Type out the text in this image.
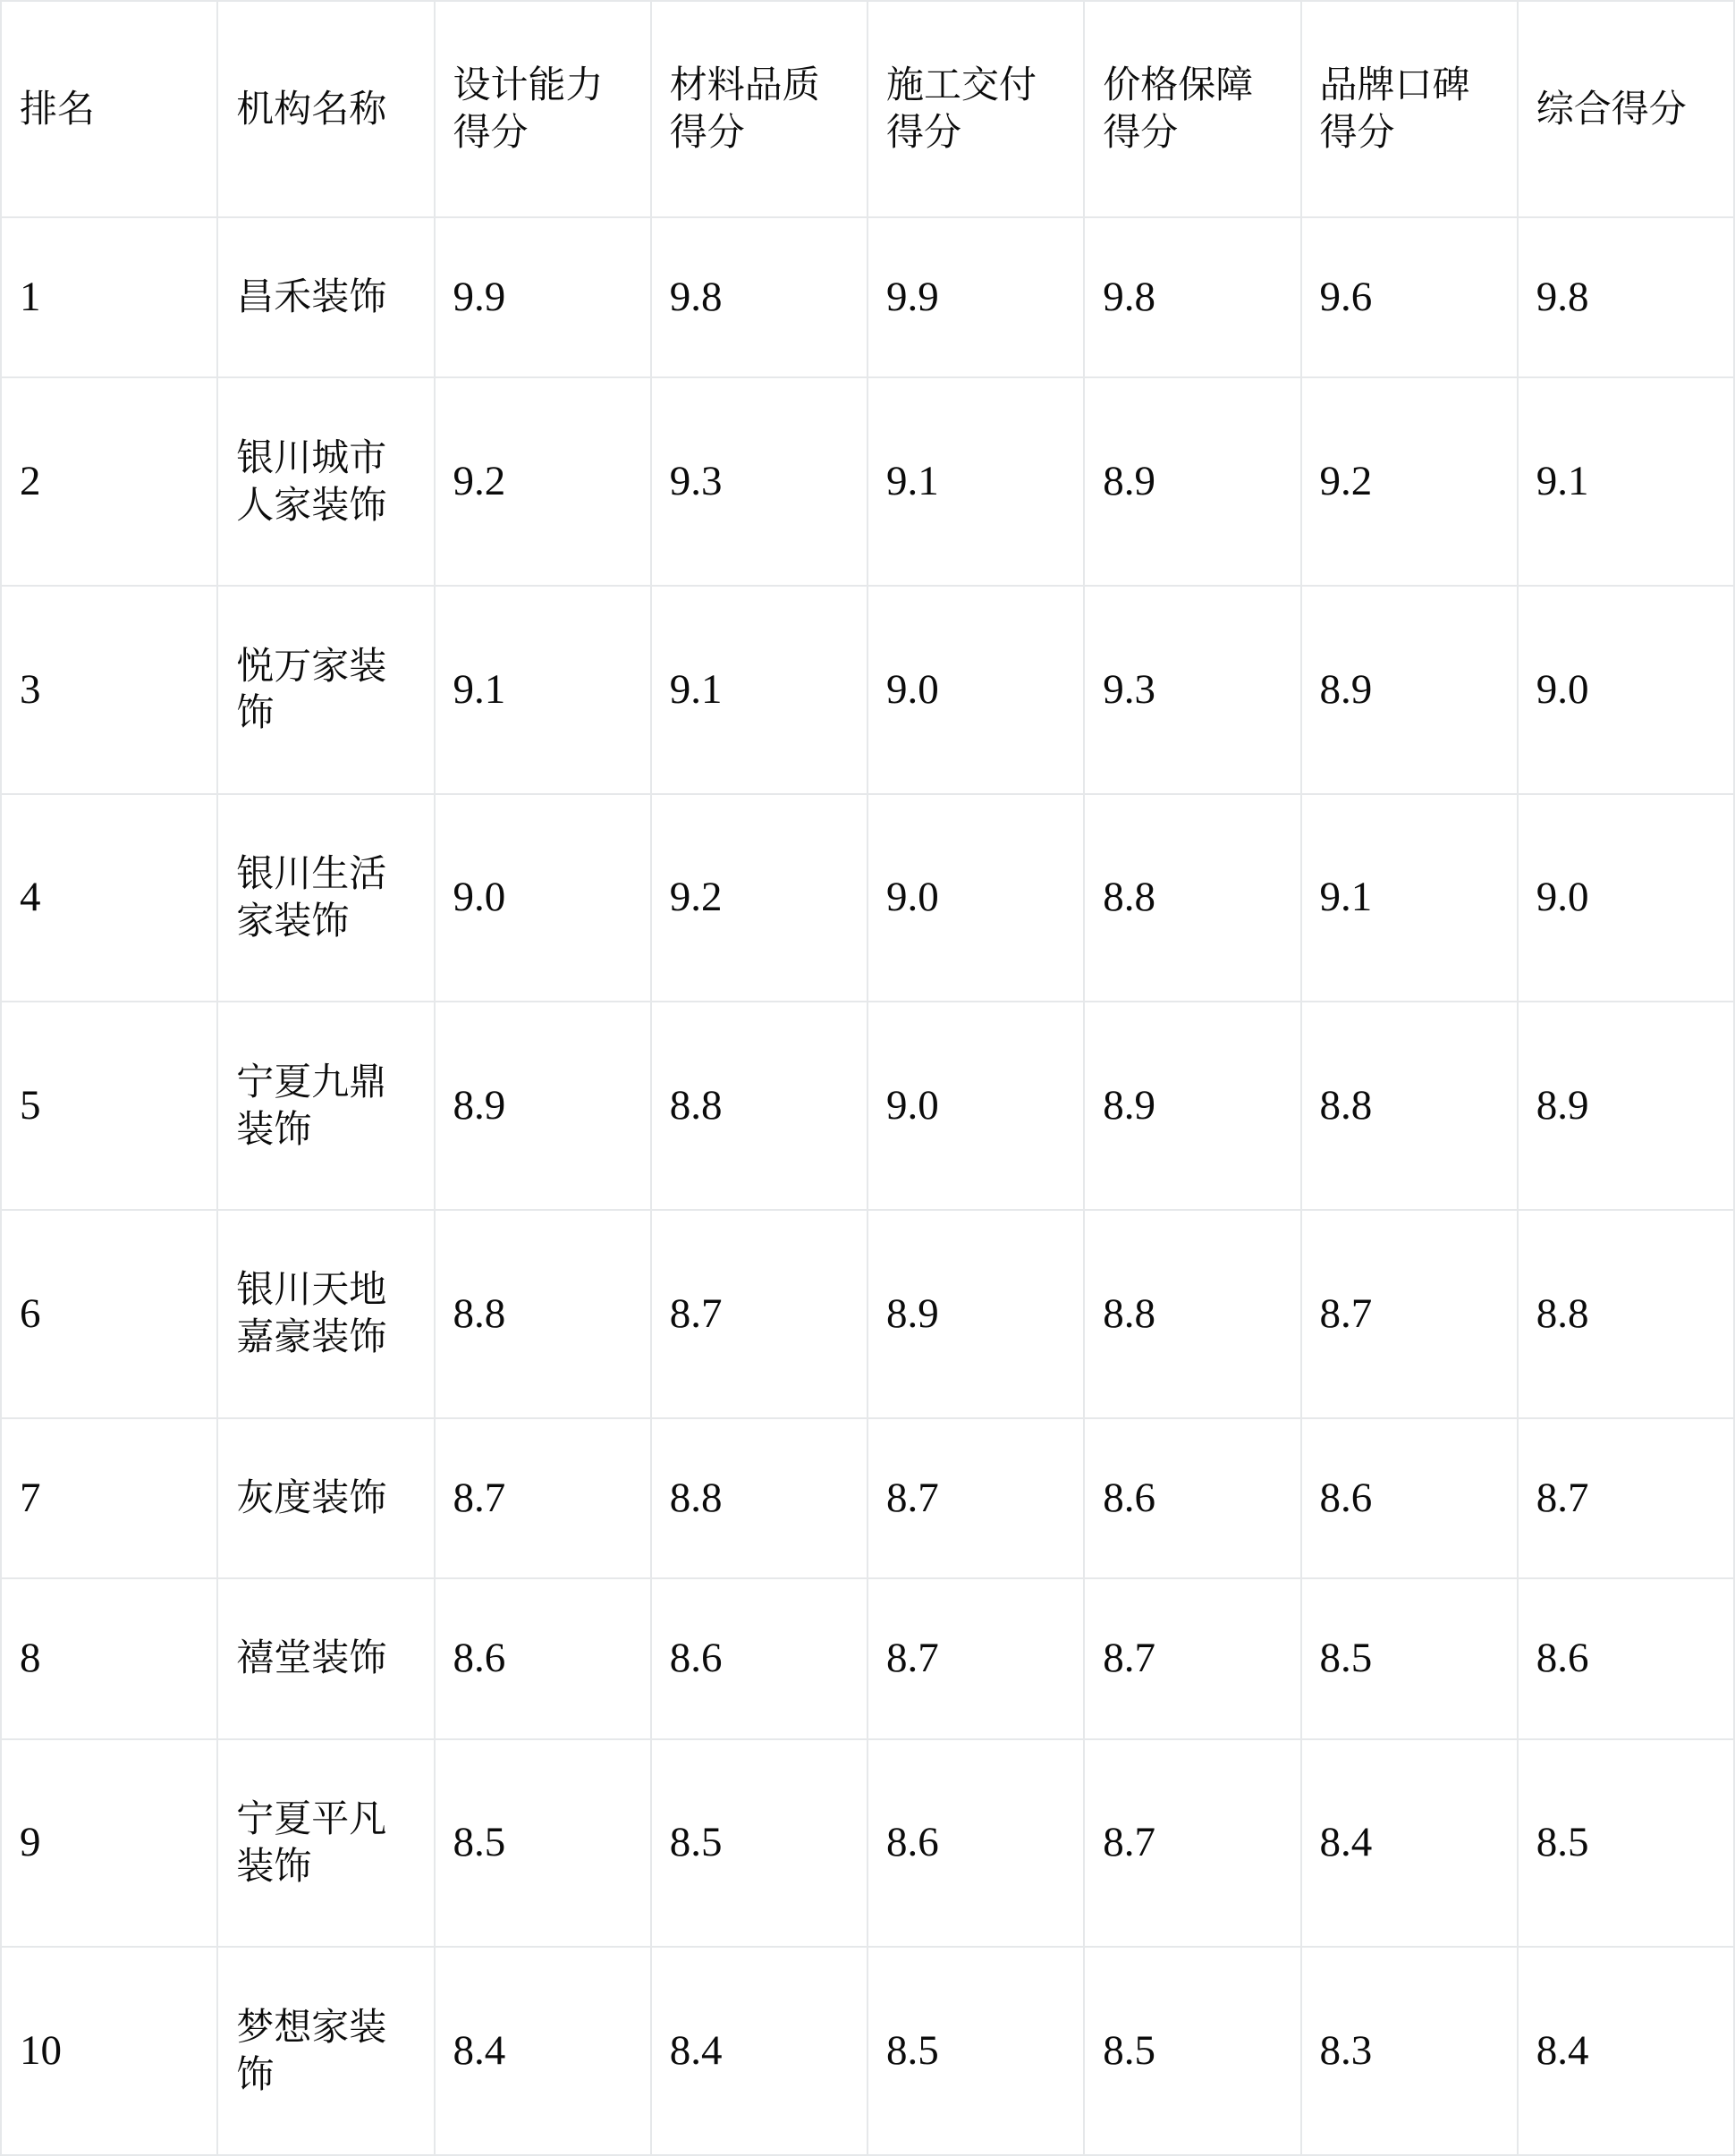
排名	机构名称	设计能力得分	材料品质得分	施工交付得分	价格保障得分	品牌口碑得分	综合得分
1	昌禾装饰	9.9	9.8	9.9	9.8	9.6	9.8
2	银川城市人家装饰	9.2	9.3	9.1	8.9	9.2	9.1
3	悦万家装饰	9.1	9.1	9.0	9.3	8.9	9.0
4	银川生活家装饰	9.0	9.2	9.0	8.8	9.1	9.0
5	宁夏九鼎装饰	8.9	8.8	9.0	8.9	8.8	8.9
6	银川天地嘉豪装饰	8.8	8.7	8.9	8.8	8.7	8.8
7	灰度装饰	8.7	8.8	8.7	8.6	8.6	8.7
8	禧堂装饰	8.6	8.6	8.7	8.7	8.5	8.6
9	宁夏平凡装饰	8.5	8.5	8.6	8.7	8.4	8.5
10	梦想家装饰	8.4	8.4	8.5	8.5	8.3	8.4
